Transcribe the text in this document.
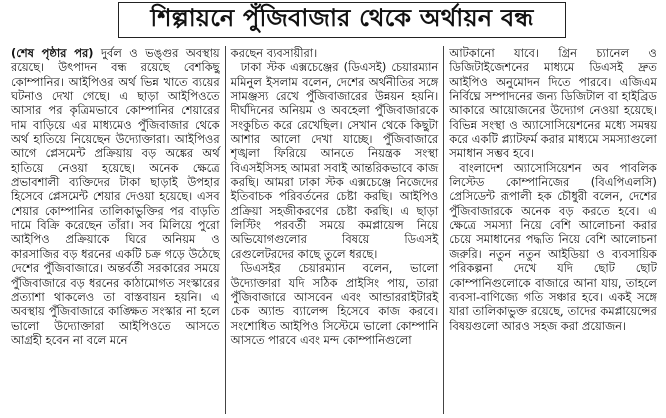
শিল্পায়নে পুঁজিবাজার থেকে অর্থায়ন বন্ধ

(শেষ পৃষ্ঠার পর) দুর্বল ও ভঙ্গুর অবস্থায় রয়েছে। উৎপাদন বন্ধ রয়েছে বেশকিছু কোম্পানির। আইপিওর অর্থ ভিন্ন খাতে ব্যয়ের ঘটনাও দেখা গেছে। এ ছাড়া আইপিওতে আসার পর কৃত্রিমভাবে কোম্পানির শেয়ারের দাম বাড়িয়ে এর মাধ্যমেও পুঁজিবাজার থেকে অর্থ হাতিয়ে নিয়েছেন উদ্যোক্তারা। আইপিওর আগে প্লেসমেন্ট প্রক্রিয়ায় বড় অঙ্কের অর্থ হাতিয়ে নেওয়া হয়েছে। অনেক ক্ষেত্রে প্রভাবশালী ব্যক্তিদের টাকা ছাড়াই উপহার হিসেবে প্লেসমেন্ট শেয়ার দেওয়া হয়েছে। এসব শেয়ার কোম্পানির তালিকাভুক্তির পর বাড়তি দামে বিক্রি করেছেন তাঁরা। সব মিলিয়ে পুরো আইপিও প্রক্রিয়াকে ঘিরে অনিয়ম ও কারসাজির বড় ধরনের একটি চক্র গড়ে উঠেছে দেশের পুঁজিবাজারে। অন্তর্বর্তী সরকারের সময়ে পুঁজিবাজারে বড় ধরনের কাঠামোগত সংস্কারের প্রত্যাশা থাকলেও তা বাস্তবায়ন হয়নি। এ অবস্থায় পুঁজিবাজারে কাঙ্ক্ষিত সংস্কার না হলে ভালো উদ্যোক্তারা আইপিওতে আসতে আগ্রহী হবেন না বলে মনে

করছেন ব্যবসায়ীরা।

ঢাকা স্টক এক্সচেঞ্জের (ডিএসই) চেয়ারম্যান মমিনুল ইসলাম বলেন, দেশের অর্থনীতির সঙ্গে সামঞ্জস্য রেখে পুঁজিবাজারের উন্নয়ন হয়নি। দীর্ঘদিনের অনিয়ম ও অবহেলা পুঁজিবাজারকে সংকুচিত করে রেখেছিল। সেখান থেকে কিছুটা আশার আলো দেখা যাচ্ছে। পুঁজিবাজারে শৃঙ্খলা ফিরিয়ে আনতে নিয়ন্ত্রক সংস্থা বিএসইসিসহ আমরা সবাই আন্তরিকভাবে কাজ করছি। আমরা ঢাকা স্টক এক্সচেঞ্জে নিজেদের ইতিবাচক পরিবর্তনের চেষ্টা করছি। আইপিও প্রক্রিয়া সহজীকরণের চেষ্টা করছি। এ ছাড়া লিস্টিং পরবর্তী সময়ে কমপ্লায়েন্স নিয়ে অভিযোগগুলোর বিষয়ে ডিএসই রেগুলেটরদের কাছে তুলে ধরছে।

ডিএসইর চেয়ারম্যান বলেন, ভালো উদ্যোক্তারা যদি সঠিক প্রাইসিং পায়, তারা পুঁজিবাজারে আসবেন এবং আন্ডাররাইটারই চেক অ্যান্ড ব্যালেন্স হিসেবে কাজ করবে। সংশোধিত আইপিও সিস্টেমে ভালো কোম্পানি আসতে পারবে এবং মন্দ কোম্পানিগুলো

আটকানো যাবে। গ্রিন চ্যানেল ও ডিজিটাইজেশনের মাধ্যমে ডিএসই দ্রুত আইপিও অনুমোদন দিতে পারবে। এজিএম নির্বিঘ্নে সম্পাদনের জন্য ডিজিটাল বা হাইব্রিড আকারে আয়োজনের উদ্যোগ নেওয়া হয়েছে। বিভিন্ন সংস্থা ও অ্যাসোসিয়েশনের মধ্যে সমন্বয় করে একটি প্ল্যাটফর্ম করার মাধ্যমে সমস্যাগুলো সমাধান সম্ভব হবে।

বাংলাদেশ অ্যাসোসিয়েশন অব পাবলিক লিস্টেড কোম্পানিজের (বিএপিএলসি) প্রেসিডেন্ট রূপালী হক চৌধুরী বলেন, দেশের পুঁজিবাজারকে অনেক বড় করতে হবে। এ ক্ষেত্রে সমস্যা নিয়ে বেশি আলোচনা করার চেয়ে সমাধানের পদ্ধতি নিয়ে বেশি আলোচনা জরুরি। নতুন নতুন আইডিয়া ও ব্যবসায়িক পরিকল্পনা দেখে যদি ছোট ছোট কোম্পানিগুলোকে বাজারে আনা যায়, তাহলে ব্যবসা-বাণিজ্যে গতি সঞ্চার হবে। একই সঙ্গে যারা তালিকাভুক্ত রয়েছে, তাদের কমপ্লায়েন্সের বিষয়গুলো আরও সহজ করা প্রয়োজন।
